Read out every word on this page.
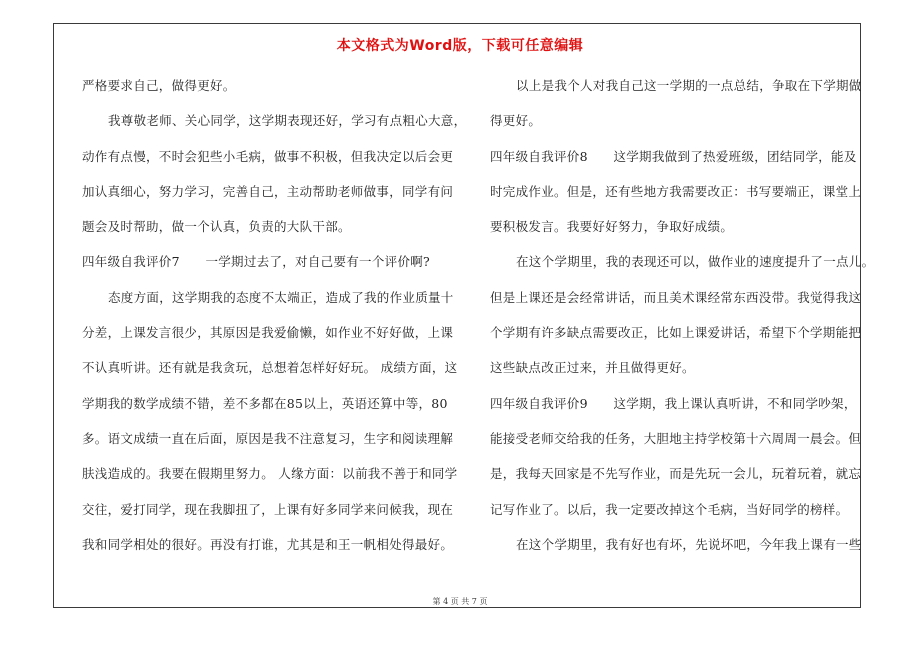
本文格式为Word版，下载可任意编辑
严格要求自己，做得更好。
我尊敬老师、关心同学，这学期表现还好，学习有点粗心大意，
动作有点慢，不时会犯些小毛病，做事不积极，但我决定以后会更
加认真细心，努力学习，完善自己，主动帮助老师做事，同学有问
题会及时帮助，做一个认真，负责的大队干部。
四年级自我评价7　　一学期过去了，对自己要有一个评价啊?
态度方面，这学期我的态度不太端正，造成了我的作业质量十
分差，上课发言很少，其原因是我爱偷懒，如作业不好好做，上课
不认真听讲。还有就是我贪玩，总想着怎样好好玩。 成绩方面，这
学期我的数学成绩不错，差不多都在85以上，英语还算中等，80
多。语文成绩一直在后面，原因是我不注意复习，生字和阅读理解
肤浅造成的。我要在假期里努力。 人缘方面：以前我不善于和同学
交往，爱打同学，现在我脚扭了，上课有好多同学来问候我，现在
我和同学相处的很好。再没有打谁，尤其是和王一帆相处得最好。
以上是我个人对我自己这一学期的一点总结，争取在下学期做
得更好。
四年级自我评价8　　这学期我做到了热爱班级，团结同学，能及
时完成作业。但是，还有些地方我需要改正：书写要端正，课堂上
要积极发言。我要好好努力，争取好成绩。
在这个学期里，我的表现还可以，做作业的速度提升了一点儿。
但是上课还是会经常讲话，而且美术课经常东西没带。我觉得我这
个学期有许多缺点需要改正，比如上课爱讲话，希望下个学期能把
这些缺点改正过来，并且做得更好。
四年级自我评价9　　这学期，我上课认真听讲，不和同学吵架，
能接受老师交给我的任务，大胆地主持学校第十六周周一晨会。但
是，我每天回家是不先写作业，而是先玩一会儿，玩着玩着，就忘
记写作业了。以后，我一定要改掉这个毛病，当好同学的榜样。
在这个学期里，我有好也有坏，先说坏吧，今年我上课有一些
第 4 页 共 7 页
